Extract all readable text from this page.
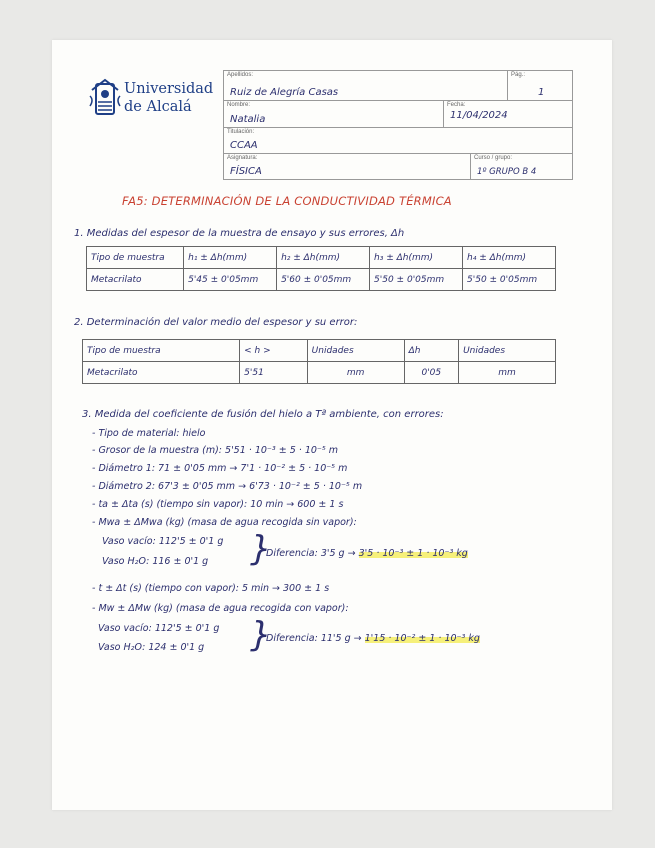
Universidad
de Alcalá
Apellidos:
Ruiz de Alegría Casas
Pág.:
1
Nombre:
Natalia
Fecha:
11/04/2024
Titulación:
CCAA
Asignatura:
FÍSICA
Curso / grupo:
1º GRUPO B 4
FA5: DETERMINACIÓN DE LA CONDUCTIVIDAD TÉRMICA
1. Medidas del espesor de la muestra de ensayo y sus errores, Δh
Tipo de muestra	h₁ ± Δh(mm)	h₂ ± Δh(mm)	h₃ ± Δh(mm)	h₄ ± Δh(mm)
Metacrilato	5'45 ± 0'05mm	5'60 ± 0'05mm	5'50 ± 0'05mm	5'50 ± 0'05mm
2. Determinación del valor medio del espesor y su error:
Tipo de muestra	< h >	Unidades	Δh	Unidades
Metacrilato	5'51	mm	0'05	mm
3. Medida del coeficiente de fusión del hielo a Tª ambiente, con errores:
- Tipo de material: hielo
- Grosor de la muestra (m): 5'51 · 10⁻³ ± 5 · 10⁻⁵ m
- Diámetro 1: 71 ± 0'05 mm → 7'1 · 10⁻² ± 5 · 10⁻⁵ m
- Diámetro 2: 67'3 ± 0'05 mm → 6'73 · 10⁻² ± 5 · 10⁻⁵ m
- ta ± Δta (s) (tiempo sin vapor): 10 min → 600 ± 1 s
- Mwa ± ΔMwa (kg) (masa de agua recogida sin vapor):
Vaso vacío: 112'5 ± 0'1 g
Vaso H₂O: 116 ± 0'1 g }
Diferencia: 3'5 g → 3'5 · 10⁻³ ± 1 · 10⁻³ kg
- t ± Δt (s) (tiempo con vapor): 5 min → 300 ± 1 s
- Mw ± ΔMw (kg) (masa de agua recogida con vapor):
Vaso vacío: 112'5 ± 0'1 g
Vaso H₂O: 124 ± 0'1 g }
Diferencia: 11'5 g → 1'15 · 10⁻² ± 1 · 10⁻³ kg
